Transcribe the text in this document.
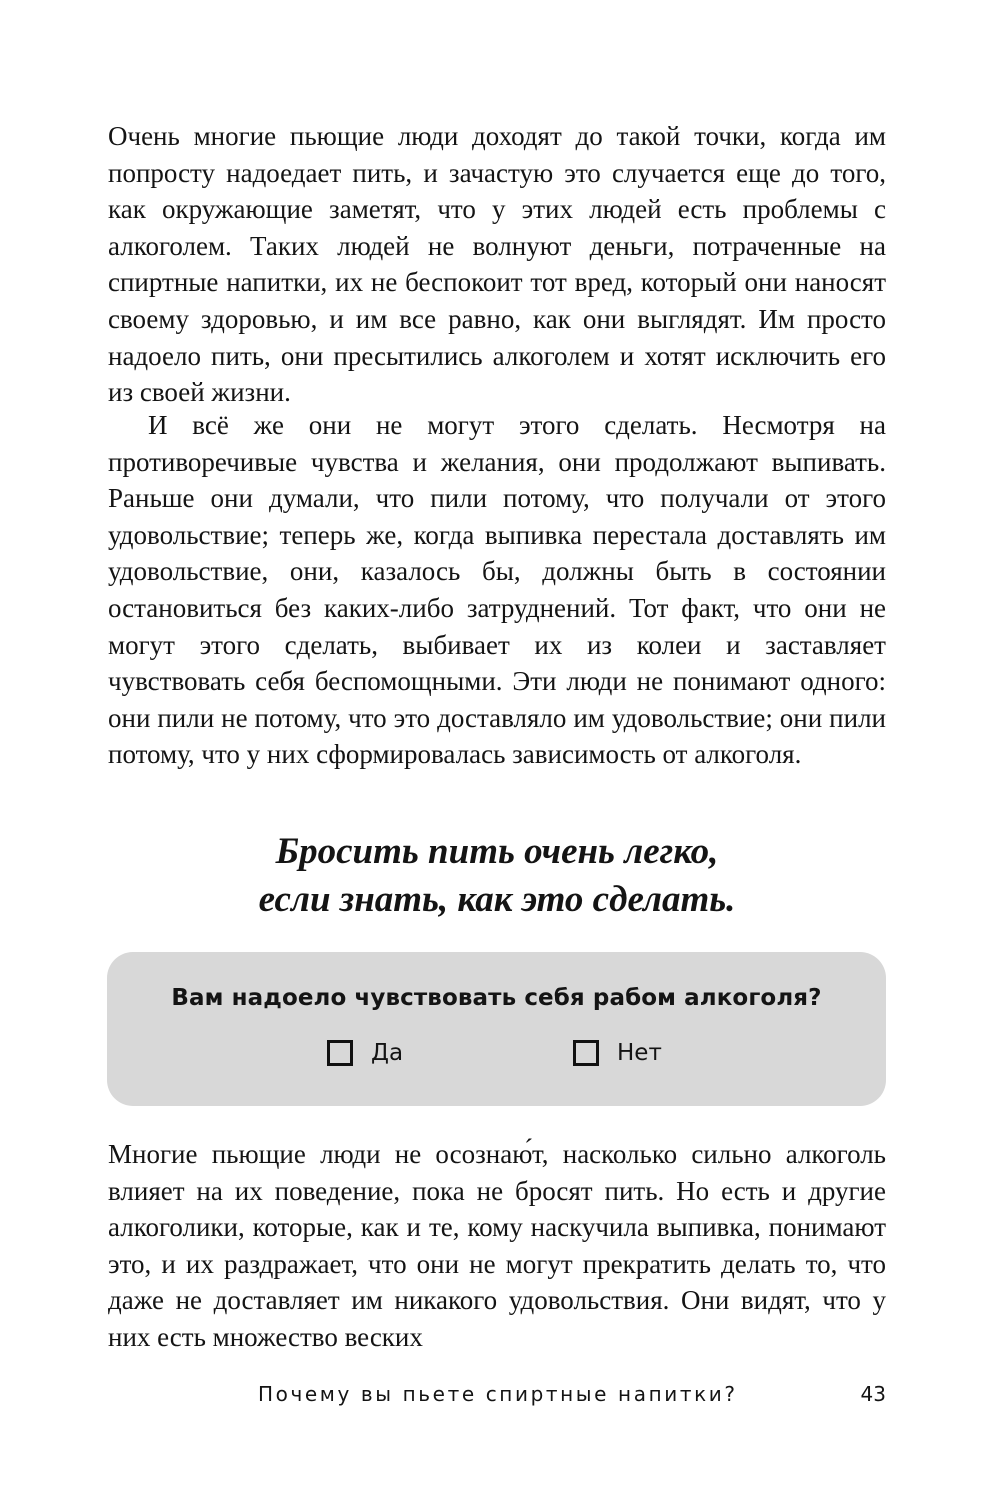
Очень многие пьющие люди доходят до такой точки, когда им попросту надоедает пить, и зачастую это случается еще до того, как окружающие заметят, что у этих людей есть проблемы с алкоголем. Таких людей не волнуют деньги, потраченные на спиртные напитки, их не беспокоит тот вред, который они наносят своему здоровью, и им все равно, как они выглядят. Им просто надоело пить, они пресытились алкоголем и хотят исключить его из своей жизни.

И всё же они не могут этого сделать. Несмотря на противоречивые чувства и желания, они продолжают выпивать. Раньше они думали, что пили потому, что получали от этого удовольствие; теперь же, когда выпивка перестала доставлять им удовольствие, они, казалось бы, должны быть в состоянии остановиться без каких-либо затруднений. Тот факт, что они не могут этого сделать, выбивает их из колеи и заставляет чувствовать себя беспомощными. Эти люди не понимают одного: они пили не потому, что это доставляло им удовольствие; они пили потому, что у них сформировалась зависимость от алкоголя.

Бросить пить очень легко,
если знать, как это сделать.

Вам надоело чувствовать себя рабом алкоголя?

Да	Нет

Многие пьющие люди не осознаю́т, насколько сильно алкоголь влияет на их поведение, пока не бросят пить. Но есть и другие алкоголики, которые, как и те, кому наскучила выпивка, понимают это, и их раздражает, что они не могут прекратить делать то, что даже не доставляет им никакого удовольствия. Они видят, что у них есть множество веских

Почему вы пьете спиртные напитки?	43
